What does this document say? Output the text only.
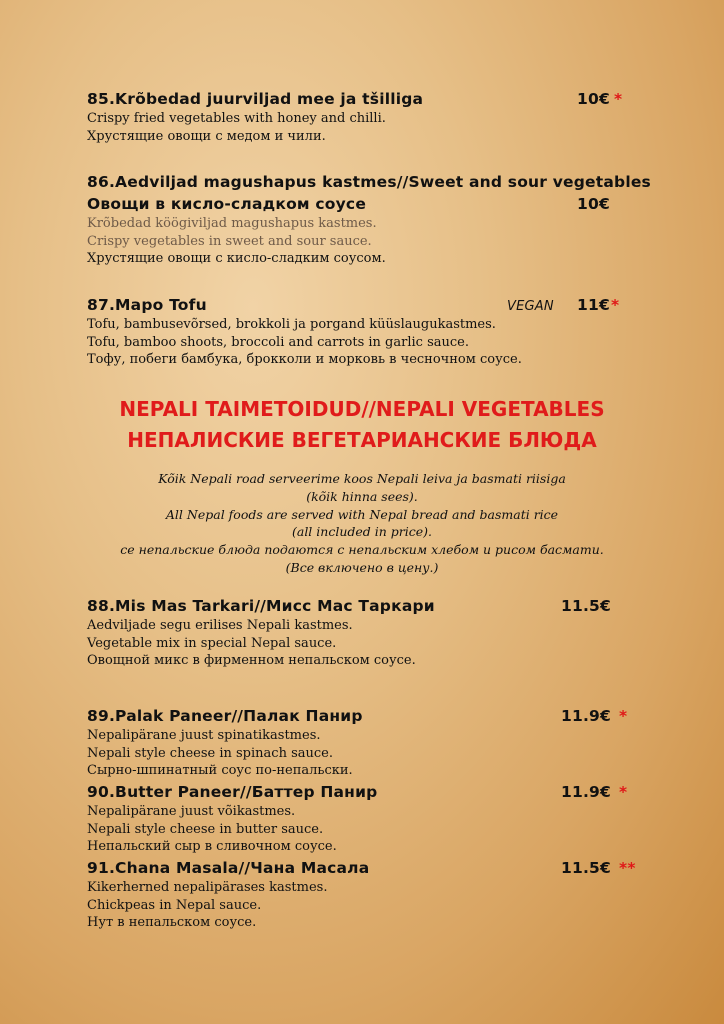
85.Krõbedad juurviljad mee ja tšilliga	10€ *
Crispy fried vegetables with honey and chilli.
Хрустящие овощи с медом и чили.
86.Aedviljad magushapus kastmes//Sweet and sour vegetables
Овощи в кисло-сладком соусе	10€
Krõbedad köögiviljad magushapus kastmes.
Crispy vegetables in sweet and sour sauce.
Хрустящие овощи с кисло-сладким соусом.
87.Mapo Tofu	VEGAN 11€*
Tofu, bambusevõrsed, brokkoli ja porgand küüslaugukastmes.
Tofu, bamboo shoots, broccoli and carrots in garlic sauce.
Тофу, побеги бамбука, брокколи и морковь в чесночном соусе.
NEPALI TAIMETOIDUD//NEPALI VEGETABLES
НЕПАЛИСКИЕ ВЕГЕТАРИАНСКИЕ БЛЮДА
Kõik Nepali road serveerime koos Nepali leiva ja basmati riisiga
(kõik hinna sees).
All Nepal foods are served with Nepal bread and basmati rice
(all included in price).
се непальские блюда подаются с непальским хлебом и рисом басмати.
(Все включено в цену.)
88.Mis Mas Tarkari//Мисс Мас Таркари	11.5€
Aedviljade segu erilises Nepali kastmes.
Vegetable mix in special Nepal sauce.
Овощной микс в фирменном непальском соусе.
89.Palak Paneer//Палак Панир	11.9€ *
Nepalipärane juust spinatikastmes.
Nepali style cheese in spinach sauce.
Сырно-шпинатный соус по-непальски.
90.Butter Paneer//Баттер Панир	11.9€ *
Nepalipärane juust võikastmes.
Nepali style cheese in butter sauce.
Непальский сыр в сливочном соусе.
91.Chana Masala//Чана Масала	11.5€ **
Kikerherned nepalipärases kastmes.
Chickpeas in Nepal sauce.
Нут в непальском соусе.
